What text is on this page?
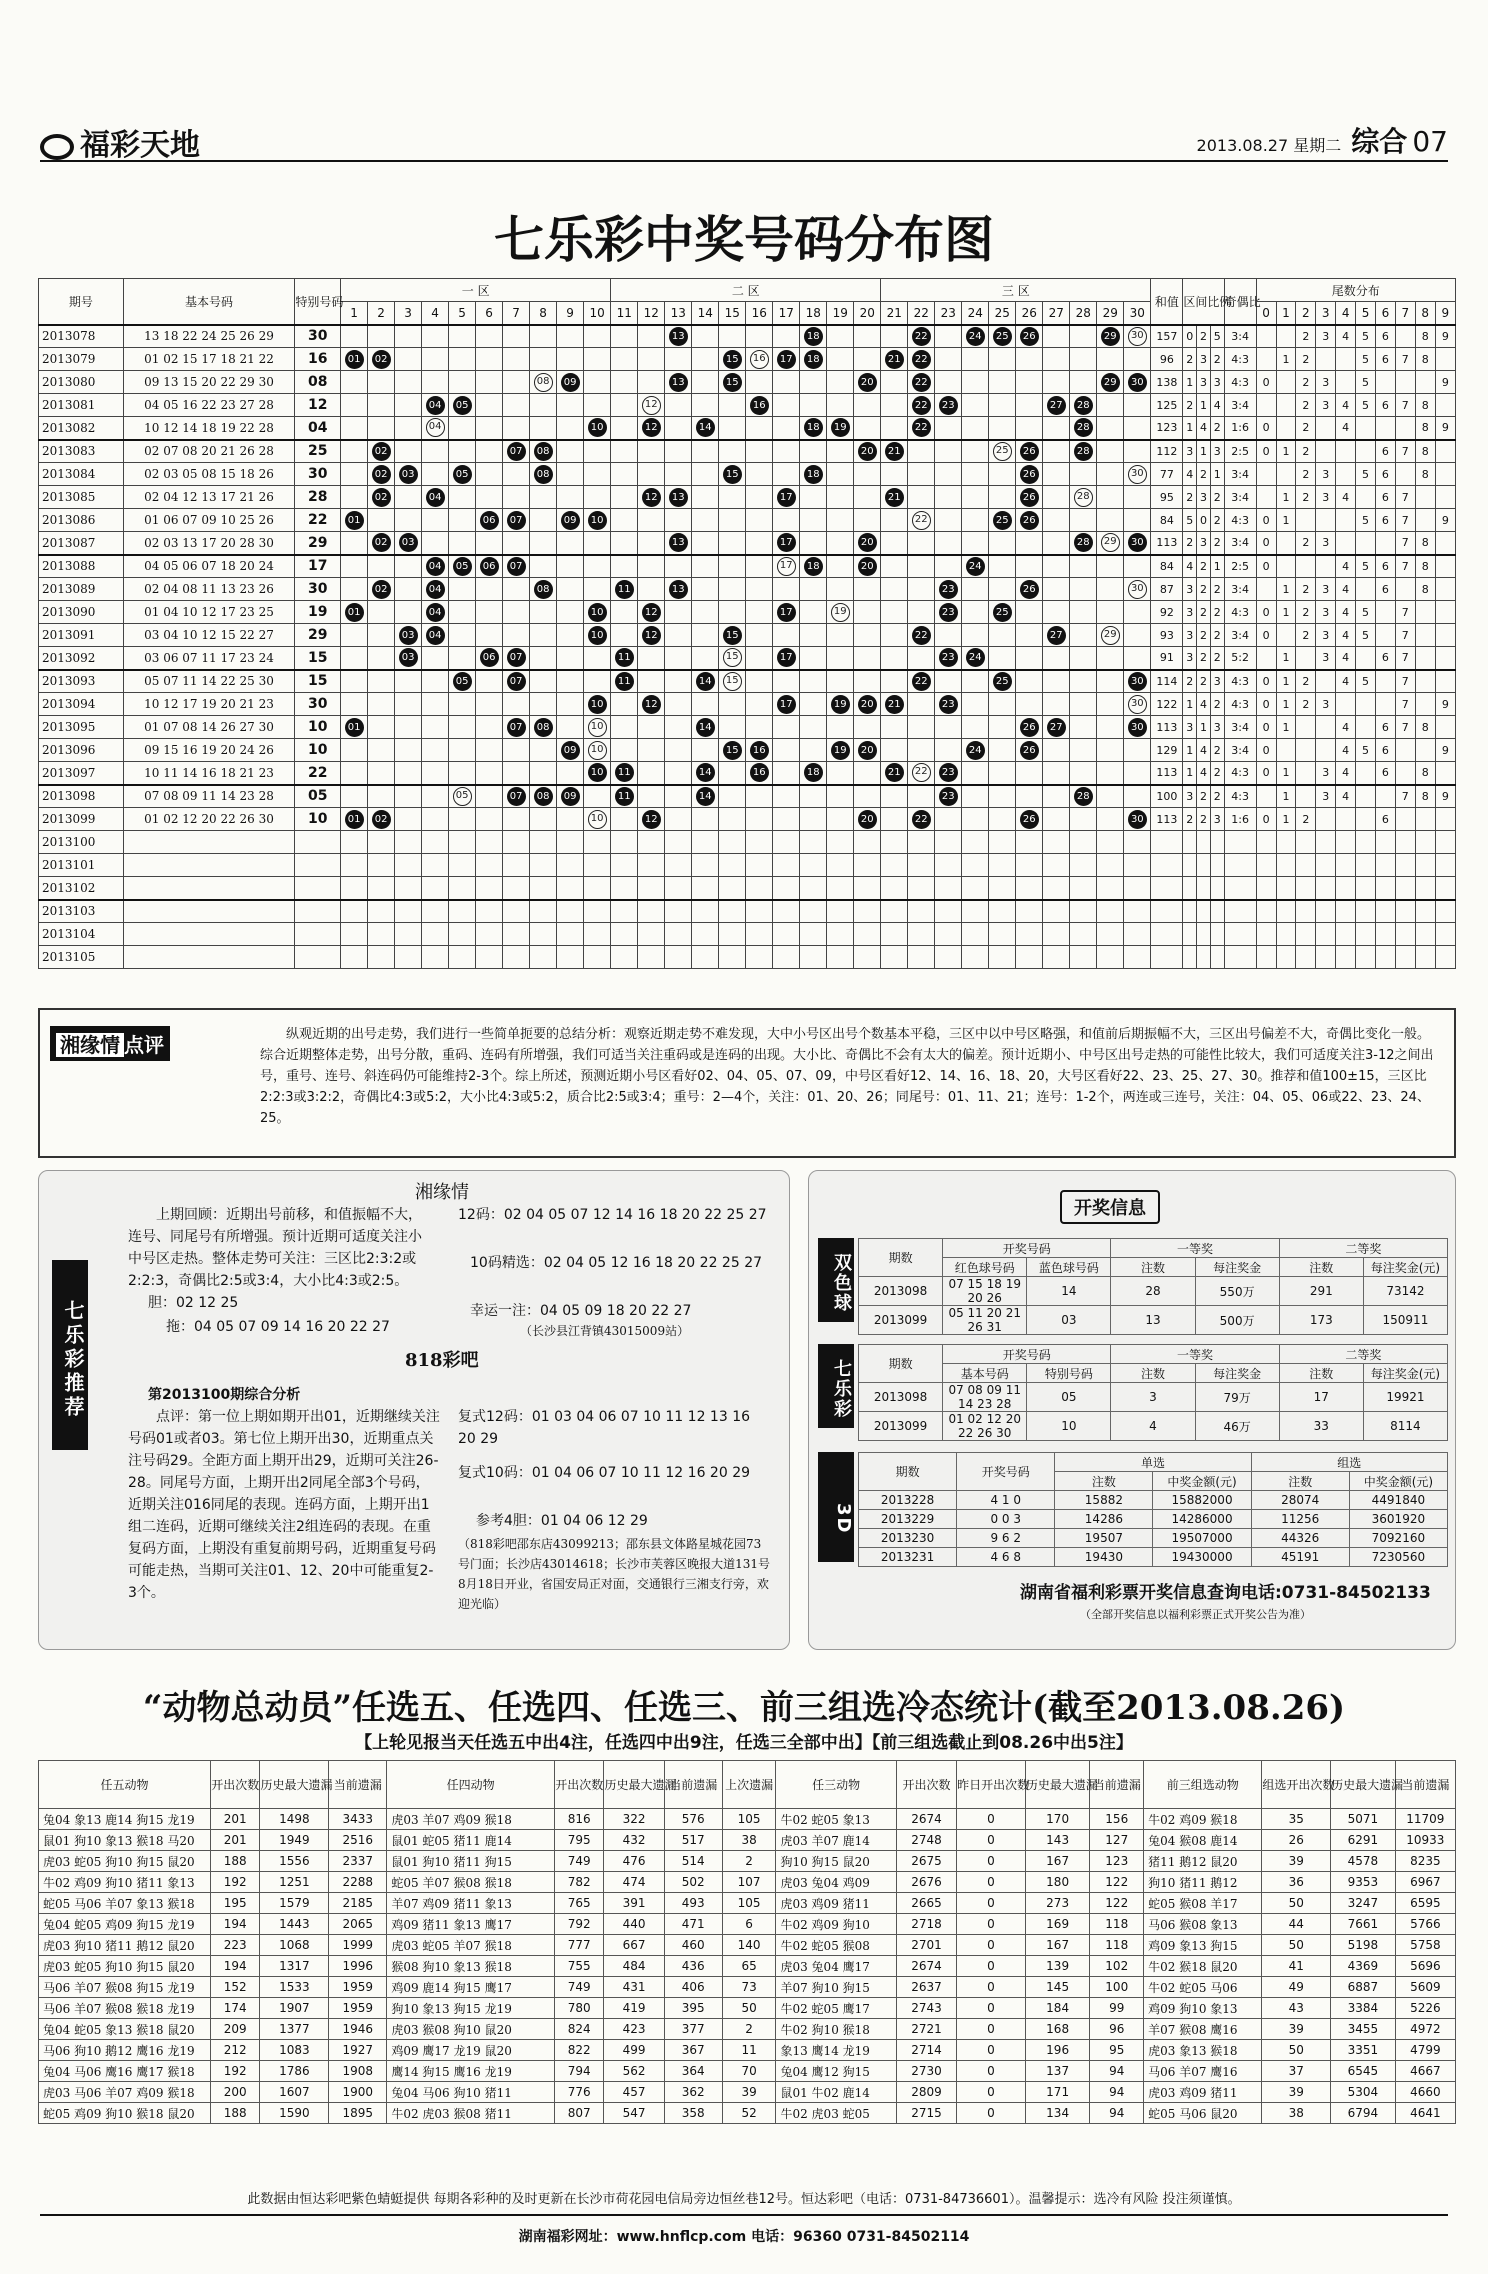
福彩天地	2013.08.27 星期二 综合 07
七乐彩中奖号码分布图
期号	基本号码	特别号码	一 区										二 区										三 区										和值	区间比例			奇偶比	尾数分布									
			1	2	3	4	5	6	7	8	9	10	11	12	13	14	15	16	17	18	19	20	21	22	23	24	25	26	27	28	29	30						0	1	2	3	4	5	6	7	8	9
2013078	13 18 22 24 25 26 29	30													13					18				22		24	25	26			29	30	157	0	2	5	3:4			2	3	4	5	6		8	9
2013079	01 02 15 17 18 21 22	16	01	02													15	16	17	18			21	22									96	2	3	2	4:3		1	2			5	6	7	8	
2013080	09 13 15 20 22 29 30	08								08	09				13		15					20		22							29	30	138	1	3	3	4:3	0		2	3		5				9
2013081	04 05 16 22 23 27 28	12				04	05							12				16						22	23				27	28			125	2	1	4	3:4			2	3	4	5	6	7	8	
2013082	10 12 14 18 19 22 28	04				04						10		12		14				18	19			22						28			123	1	4	2	1:6	0		2		4				8	9
2013083	02 07 08 20 21 26 28	25		02					07	08												20	21				25	26		28			112	3	1	3	2:5	0	1	2				6	7	8	
2013084	02 03 05 08 15 18 26	30		02	03		05			08							15			18								26				30	77	4	2	1	3:4			2	3		5	6		8	
2013085	02 04 12 13 17 21 26	28		02		04								12	13				17				21					26		28			95	2	3	2	3:4		1	2	3	4		6	7		
2013086	01 06 07 09 10 25 26	22	01					06	07		09	10												22			25	26					84	5	0	2	4:3	0	1				5	6	7		9
2013087	02 03 13 17 20 28 30	29		02	03										13				17			20								28	29	30	113	2	3	2	3:4	0		2	3				7	8	
2013088	04 05 06 07 18 20 24	17				04	05	06	07										17	18		20				24							84	4	2	1	2:5	0				4	5	6	7	8	
2013089	02 04 08 11 13 23 26	30		02		04				08			11		13										23			26				30	87	3	2	2	3:4		1	2	3	4		6		8	
2013090	01 04 10 12 17 23 25	19	01			04						10		12					17		19				23		25						92	3	2	2	4:3	0	1	2	3	4	5		7		
2013091	03 04 10 12 15 22 27	29			03	04						10		12			15							22					27		29		93	3	2	2	3:4	0		2	3	4	5		7		
2013092	03 06 07 11 17 23 24	15			03			06	07				11				15		17						23	24							91	3	2	2	5:2		1		3	4		6	7		
2013093	05 07 11 14 22 25 30	15					05		07				11			14	15							22			25					30	114	2	2	3	4:3	0	1	2		4	5		7		
2013094	10 12 17 19 20 21 23	30										10		12					17		19	20	21		23							30	122	1	4	2	4:3	0	1	2	3				7		9
2013095	01 07 08 14 26 27 30	10	01						07	08		10				14												26	27			30	113	3	1	3	3:4	0	1			4		6	7	8	
2013096	09 15 16 19 20 24 26	10									09	10					15	16			19	20				24		26					129	1	4	2	3:4	0				4	5	6			9
2013097	10 11 14 16 18 21 23	22										10	11			14		16		18			21	22	23								113	1	4	2	4:3	0	1		3	4		6		8	
2013098	07 08 09 11 14 23 28	05					05		07	08	09		11			14									23					28			100	3	2	2	4:3		1		3	4			7	8	9
2013099	01 02 12 20 22 26 30	10	01	02								10		12								20		22				26				30	113	2	2	3	1:6	0	1	2				6			
2013100																																															
2013101																																															
2013102																																															
2013103																																															
2013104																																															
2013105																																															
湘缘情 点评	纵观近期的出号走势，我们进行一些简单扼要的总结分析：观察近期走势不难发现，大中小号区出号个数基本平稳，三区中以中号区略强，和值前后期振幅不大，三区出号偏差不大，奇偶比变化一般。综合近期整体走势，出号分散，重码、连码有所增强，我们可适当关注重码或是连码的出现。大小比、奇偶比不会有太大的偏差。预计近期小、中号区出号走热的可能性比较大，我们可适度关注3-12之间出号，重号、连号、斜连码仍可能维持2-3个。综上所述，预测近期小号区看好02、04、05、07、09，中号区看好12、14、16、18、20，大号区看好22、23、25、27、30。推荐和值100±15，三区比2:2:3或3:2:2，奇偶比4:3或5:2，大小比4:3或5:2，质合比2:5或3:4；重号：2—4个，关注：01、20、26；同尾号：01、11、21；连号：1-2个，两连或三连号，关注：04、05、06或22、23、24、25。
七乐彩推荐
湘缘情
上期回顾：近期出号前移，和值振幅不大，连号、同尾号有所增强。预计近期可适度关注小中号区走热。整体走势可关注：三区比2:3:2或2:2:3，奇偶比2:5或3:4，大小比4:3或2:5。
胆：02 12 25
拖：04 05 07 09 14 16 20 22 27
12码：02 04 05 07 12 14 16 18 20 22 25 27
10码精选：02 04 05 12 16 18 20 22 25 27
幸运一注：04 05 09 18 20 22 27
（长沙县江背镇43015009站）
818彩吧
第2013100期综合分析
点评：第一位上期如期开出01，近期继续关注号码01或者03。第七位上期开出30，近期重点关注号码29。全距方面上期开出29，近期可关注26-28。同尾号方面，上期开出2同尾全部3个号码，近期关注016同尾的表现。连码方面，上期开出1组二连码，近期可继续关注2组连码的表现。在重复码方面，上期没有重复前期号码，近期重复号码可能走热，当期可关注01、12、20中可能重复2-3个。
复式12码：01 03 04 06 07 10 11 12 13 16 20 29
复式10码：01 04 06 07 10 11 12 16 20 29
参考4胆：01 04 06 12 29
（818彩吧邵东店43099213；邵东县文体路星城花园73号门面；长沙店43014618；长沙市芙蓉区晚报大道131号8月18日开业，省国安局正对面，交通银行三湘支行旁，欢迎光临）
开奖信息
双色球
七乐彩
3D
期数	开奖号码		一等奖		二等奖	
	红色球号码	蓝色球号码	注数	每注奖金	注数	每注奖金(元)
2013098	07 15 18 19 20 26	14	28	550万	291	73142
2013099	05 11 20 21 26 31	03	13	500万	173	150911
期数	开奖号码		一等奖		二等奖	
	基本号码	特别号码	注数	每注奖金	注数	每注奖金(元)
2013098	07 08 09 11 14 23 28	05	3	79万	17	19921
2013099	01 02 12 20 22 26 30	10	4	46万	33	8114
期数	开奖号码	单选		组选	
		注数	中奖金额(元)	注数	中奖金额(元)
2013228	4 1 0	15882	15882000	28074	4491840
2013229	0 0 3	14286	14286000	11256	3601920
2013230	9 6 2	19507	19507000	44326	7092160
2013231	4 6 8	19430	19430000	45191	7230560
湖南省福利彩票开奖信息查询电话:0731-84502133
（全部开奖信息以福利彩票正式开奖公告为准）
“动物总动员”任选五、任选四、任选三、前三组选冷态统计(截至2013.08.26)
【上轮见报当天任选五中出4注，任选四中出9注，任选三全部中出】【前三组选截止到08.26中出5注】
任五动物	开出次数	历史最大遗漏	当前遗漏	任四动物	开出次数	历史最大遗漏	当前遗漏	上次遗漏	任三动物	开出次数	昨日开出次数	历史最大遗漏	当前遗漏	前三组选动物	组选开出次数	历史最大遗漏	当前遗漏
兔04 象13 鹿14 狗15 龙19	201	1498	3433	虎03 羊07 鸡09 猴18	816	322	576	105	牛02 蛇05 象13	2674	0	170	156	牛02 鸡09 猴18	35	5071	11709
鼠01 狗10 象13 猴18 马20	201	1949	2516	鼠01 蛇05 猪11 鹿14	795	432	517	38	虎03 羊07 鹿14	2748	0	143	127	兔04 猴08 鹿14	26	6291	10933
虎03 蛇05 狗10 狗15 鼠20	188	1556	2337	鼠01 狗10 猪11 狗15	749	476	514	2	狗10 狗15 鼠20	2675	0	167	123	猪11 鹅12 鼠20	39	4578	8235
牛02 鸡09 狗10 猪11 象13	192	1251	2288	蛇05 羊07 猴08 猴18	782	474	502	107	虎03 兔04 鸡09	2676	0	180	122	狗10 猪11 鹅12	36	9353	6967
蛇05 马06 羊07 象13 猴18	195	1579	2185	羊07 鸡09 猪11 象13	765	391	493	105	虎03 鸡09 猪11	2665	0	273	122	蛇05 猴08 羊17	50	3247	6595
兔04 蛇05 鸡09 狗15 龙19	194	1443	2065	鸡09 猪11 象13 鹰17	792	440	471	6	牛02 鸡09 狗10	2718	0	169	118	马06 猴08 象13	44	7661	5766
虎03 狗10 猪11 鹅12 鼠20	223	1068	1999	虎03 蛇05 羊07 猴18	777	667	460	140	牛02 蛇05 猴08	2701	0	167	118	鸡09 象13 狗15	50	5198	5758
虎03 蛇05 狗10 狗15 鼠20	194	1317	1996	猴08 狗10 象13 猴18	755	484	436	65	虎03 兔04 鹰17	2674	0	139	102	牛02 猴18 鼠20	41	4369	5696
马06 羊07 猴08 狗15 龙19	152	1533	1959	鸡09 鹿14 狗15 鹰17	749	431	406	73	羊07 狗10 狗15	2637	0	145	100	牛02 蛇05 马06	49	6887	5609
马06 羊07 猴08 猴18 龙19	174	1907	1959	狗10 象13 狗15 龙19	780	419	395	50	牛02 蛇05 鹰17	2743	0	184	99	鸡09 狗10 象13	43	3384	5226
兔04 蛇05 象13 猴18 鼠20	209	1377	1946	虎03 猴08 狗10 鼠20	824	423	377	2	牛02 狗10 猴18	2721	0	168	96	羊07 猴08 鹰16	39	3455	4972
马06 狗10 鹅12 鹰16 龙19	212	1083	1927	鸡09 鹰17 龙19 鼠20	822	499	367	11	象13 鹰14 龙19	2714	0	196	95	虎03 象13 猴18	50	3351	4799
兔04 马06 鹰16 鹰17 猴18	192	1786	1908	鹰14 狗15 鹰16 龙19	794	562	364	70	兔04 鹰12 狗15	2730	0	137	94	马06 羊07 鹰16	37	6545	4667
虎03 马06 羊07 鸡09 猴18	200	1607	1900	兔04 马06 狗10 猪11	776	457	362	39	鼠01 牛02 鹿14	2809	0	171	94	虎03 鸡09 猪11	39	5304	4660
蛇05 鸡09 狗10 猴18 鼠20	188	1590	1895	牛02 虎03 猴08 猪11	807	547	358	52	牛02 虎03 蛇05	2715	0	134	94	蛇05 马06 鼠20	38	6794	4641
此数据由恒达彩吧紫色蜻蜓提供 每期各彩种的及时更新在长沙市荷花园电信局旁边恒丝巷12号。恒达彩吧（电话：0731-84736601）。温馨提示：选冷有风险 投注须谨慎。
湖南福彩网址：www.hnflcp.com 电话：96360 0731-84502114
